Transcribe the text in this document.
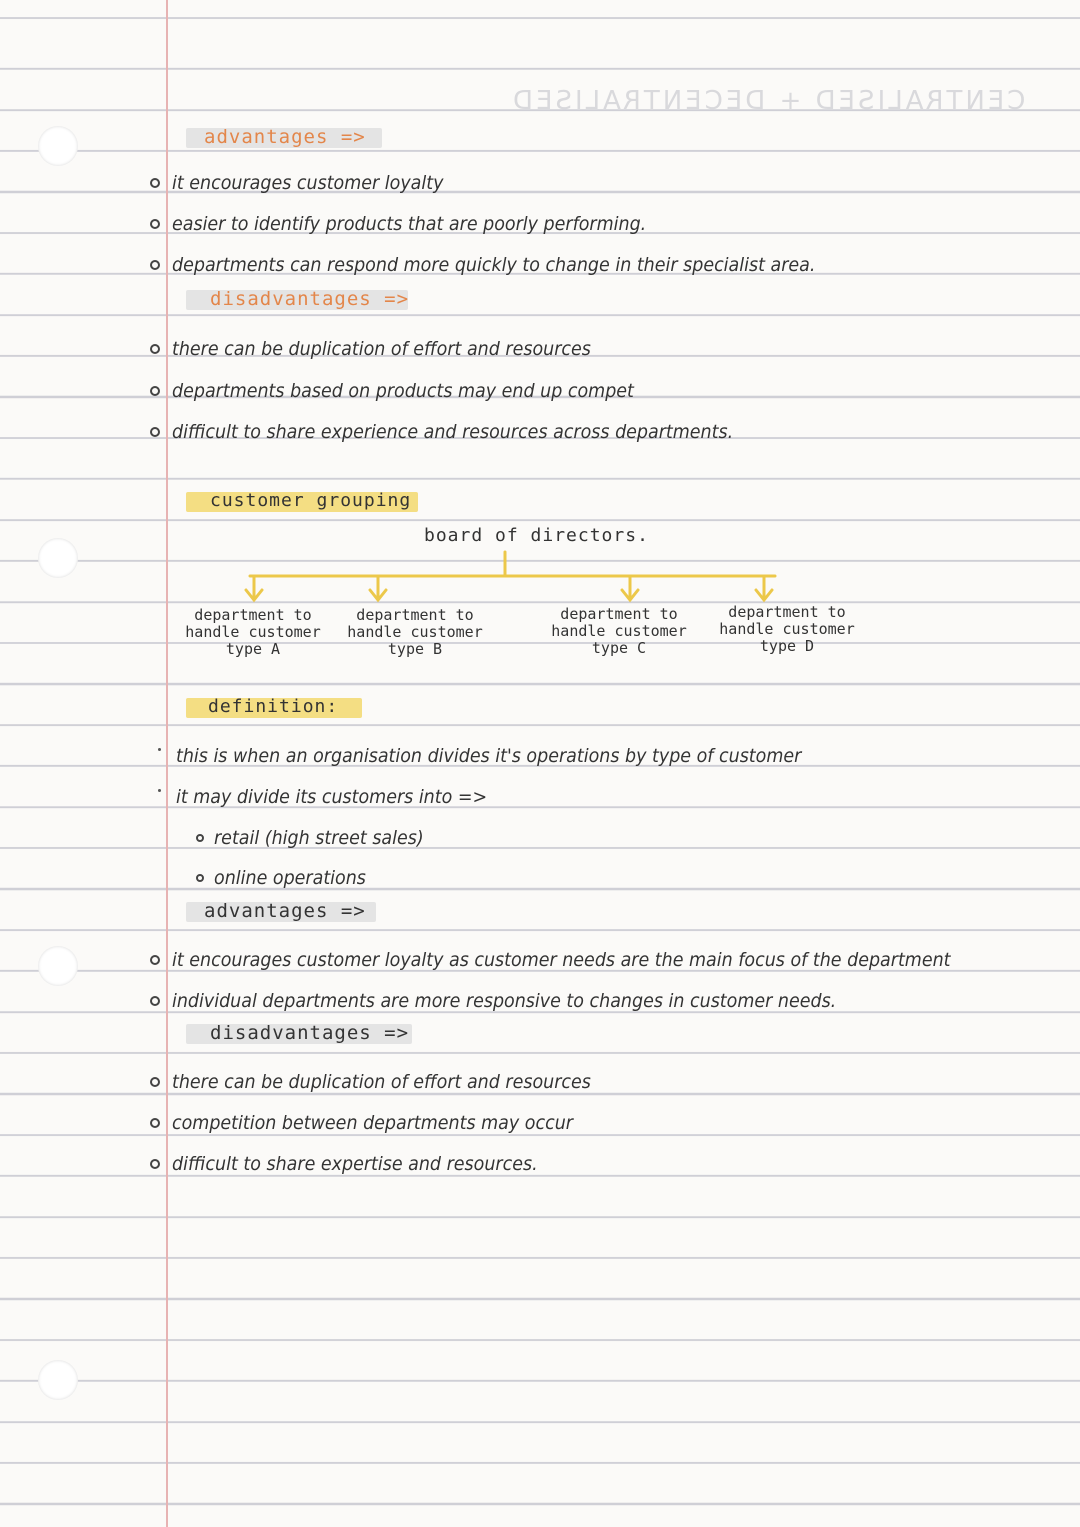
CENTRALISED + DECENTRALISED
advantages =>
it encourages customer loyalty
easier to identify products that are poorly performing.
departments can respond more quickly to change in their specialist area.
disadvantages =>
there can be duplication of effort and resources
departments based on products may end up compet
difficult to share experience and resources across departments.
customer grouping
board of directors.
department to
handle customer
type A
department to
handle customer
type B
department to
handle customer
type C
department to
handle customer
type D
definition:
this is when an organisation divides it's operations by type of customer
it may divide its customers into =>
retail (high street sales)
online operations
advantages =>
it encourages customer loyalty as customer needs are the main focus of the department
individual departments are more responsive to changes in customer needs.
disadvantages =>
there can be duplication of effort and resources
competition between departments may occur
difficult to share expertise and resources.
